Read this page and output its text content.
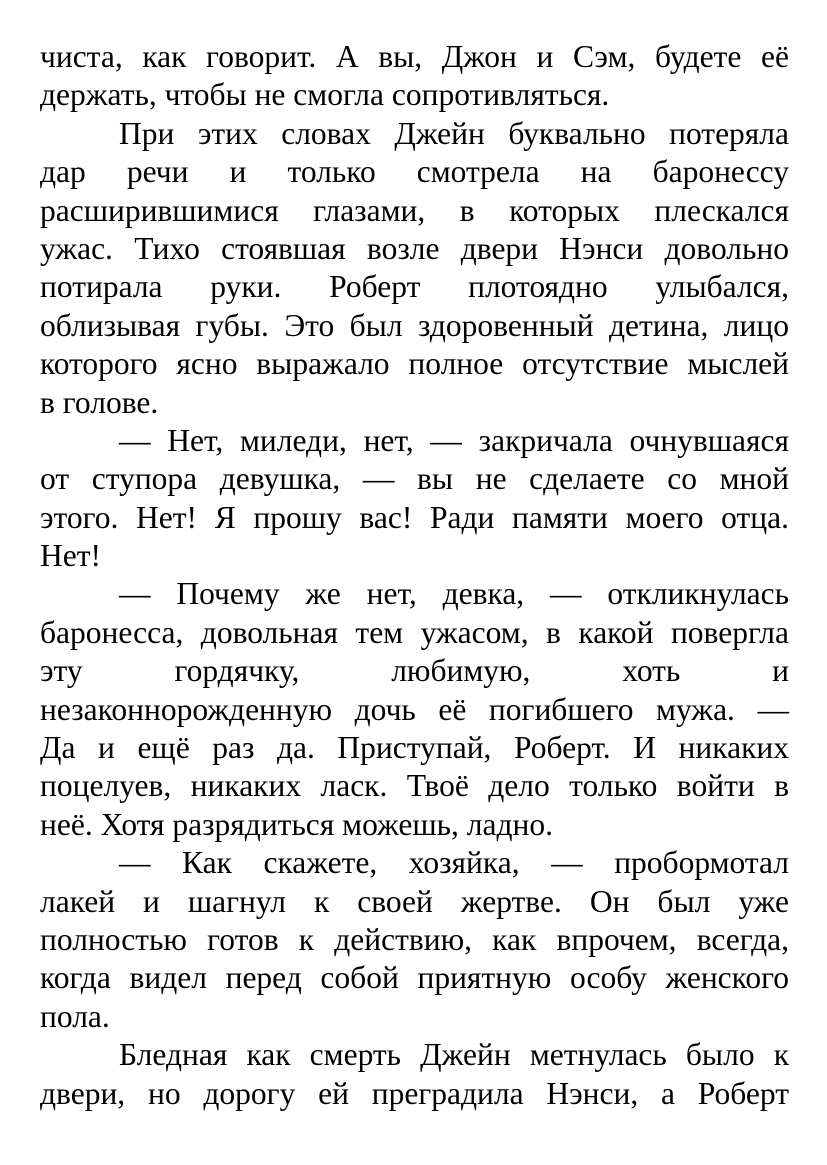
чиста, как говорит. А вы, Джон и Сэм, будете её
держать, чтобы не смогла сопротивляться.
При этих словах Джейн буквально потеряла
дар речи и только смотрела на баронессу
расширившимися глазами, в которых плескался
ужас. Тихо стоявшая возле двери Нэнси довольно
потирала руки. Роберт плотоядно улыбался,
облизывая губы. Это был здоровенный детина, лицо
которого ясно выражало полное отсутствие мыслей
в голове.
— Нет, миледи, нет, — закричала очнувшаяся
от ступора девушка, — вы не сделаете со мной
этого. Нет! Я прошу вас! Ради памяти моего отца.
Нет!
— Почему же нет, девка, — откликнулась
баронесса, довольная тем ужасом, в какой повергла
эту гордячку, любимую, хоть и
незаконнорожденную дочь её погибшего мужа. —
Да и ещё раз да. Приступай, Роберт. И никаких
поцелуев, никаких ласк. Твоё дело только войти в
неё. Хотя разрядиться можешь, ладно.
— Как скажете, хозяйка, — пробормотал
лакей и шагнул к своей жертве. Он был уже
полностью готов к действию, как впрочем, всегда,
когда видел перед собой приятную особу женского
пола.
Бледная как смерть Джейн метнулась было к
двери, но дорогу ей преградила Нэнси, а Роберт
